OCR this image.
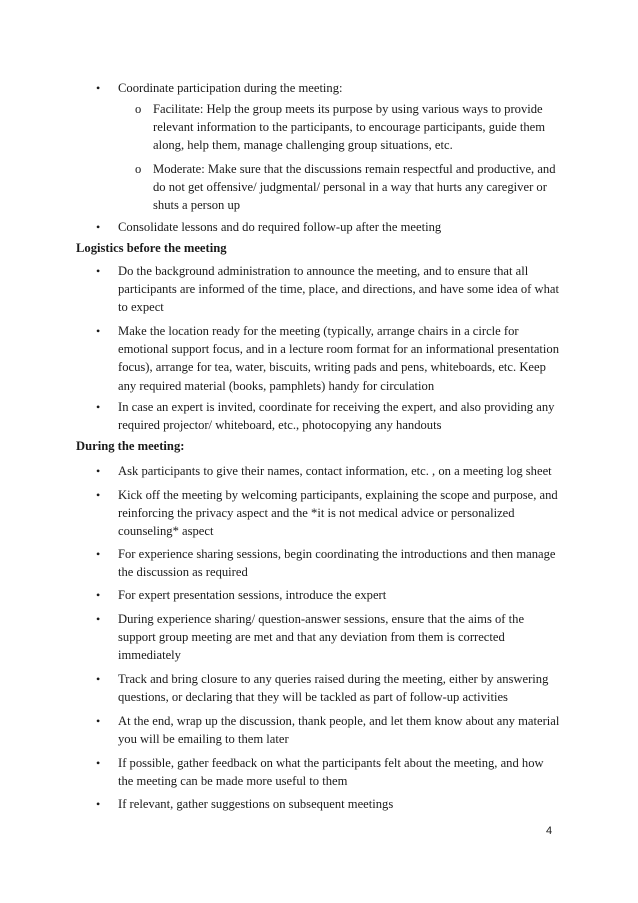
• Coordinate participation during the meeting:
o Facilitate: Help the group meets its purpose by using various ways to provide relevant information to the participants, to encourage participants, guide them along, help them, manage challenging group situations, etc.
o Moderate: Make sure that the discussions remain respectful and productive, and do not get offensive/ judgmental/ personal in a way that hurts any caregiver or shuts a person up
• Consolidate lessons and do required follow-up after the meeting
Logistics before the meeting
• Do the background administration to announce the meeting, and to ensure that all participants are informed of the time, place, and directions, and have some idea of what to expect
• Make the location ready for the meeting (typically, arrange chairs in a circle for emotional support focus, and in a lecture room format for an informational presentation focus), arrange for tea, water, biscuits, writing pads and pens, whiteboards, etc. Keep any required material (books, pamphlets) handy for circulation
• In case an expert is invited, coordinate for receiving the expert, and also providing any required projector/ whiteboard, etc., photocopying any handouts
During the meeting:
• Ask participants to give their names, contact information, etc. , on a meeting log sheet
• Kick off the meeting by welcoming participants, explaining the scope and purpose, and reinforcing the privacy aspect and the *it is not medical advice or personalized counseling* aspect
• For experience sharing sessions, begin coordinating the introductions and then manage the discussion as required
• For expert presentation sessions, introduce the expert
• During experience sharing/ question-answer sessions, ensure that the aims of the support group meeting are met and that any deviation from them is corrected immediately
• Track and bring closure to any queries raised during the meeting, either by answering questions, or declaring that they will be tackled as part of follow-up activities
• At the end, wrap up the discussion, thank people, and let them know about any material you will be emailing to them later
• If possible, gather feedback on what the participants felt about the meeting, and how the meeting can be made more useful to them
• If relevant, gather suggestions on subsequent meetings
4
